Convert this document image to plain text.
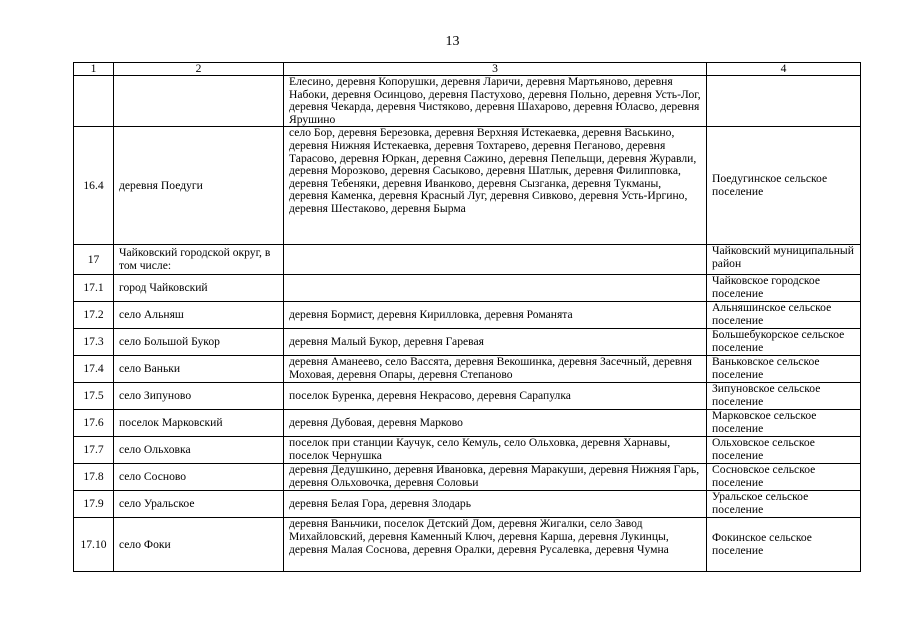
13
1	2	3	4
		Елесино, деревня Копорушки, деревня Ларичи, деревня Мартьяново, деревня Набоки, деревня Осинцово, деревня Пастухово, деревня Польно, деревня Усть-Лог, деревня Чекарда, деревня Чистяково, деревня Шахарово, деревня Юласво, деревня Ярушино	
16.4	деревня Поедуги	село Бор, деревня Березовка, деревня Верхняя Истекаевка, деревня Васькино, деревня Нижняя Истекаевка, деревня Тохтарево, деревня Пеганово, деревня Тарасово, деревня Юркан, деревня Сажино, деревня Пепельщи, деревня Журавли, деревня Морозково, деревня Сасыково, деревня Шатлык, деревня Филипповка, деревня Тебеняки, деревня Иванково, деревня Сызганка, деревня Тукманы, деревня Каменка, деревня Красный Луг, деревня Сивково, деревня Усть-Иргино, деревня Шестаково, деревня Бырма	Поедугинское сельское поселение
17	Чайковский городской округ, в том числе:		Чайковский муниципальный район
17.1	город Чайковский		Чайковское городское поселение
17.2	село Альняш	деревня Бормист, деревня Кирилловка, деревня Романята	Альняшинское сельское поселение
17.3	село Большой Букор	деревня Малый Букор, деревня Гаревая	Большебукорское сельское поселение
17.4	село Ваньки	деревня Аманеево, село Вассята, деревня Векошинка, деревня Засечный, деревня Моховая, деревня Опары, деревня Степаново	Ваньковское сельское поселение
17.5	село Зипуново	поселок Буренка, деревня Некрасово, деревня Сарапулка	Зипуновское сельское поселение
17.6	поселок Марковский	деревня Дубовая, деревня Марково	Марковское сельское поселение
17.7	село Ольховка	поселок при станции Каучук, село Кемуль, село Ольховка, деревня Харнавы, поселок Чернушка	Ольховское сельское поселение
17.8	село Сосново	деревня Дедушкино, деревня Ивановка, деревня Маракуши, деревня Нижняя Гарь, деревня Ольховочка, деревня Соловьи	Сосновское сельское поселение
17.9	село Уральское	деревня Белая Гора, деревня Злодарь	Уральское сельское поселение
17.10	село Фоки	деревня Ваньчики, поселок Детский Дом, деревня Жигалки, село Завод Михайловский, деревня Каменный Ключ, деревня Карша, деревня Лукинцы, деревня Малая Соснова, деревня Оралки, деревня Русалевка, деревня Чумна	Фокинское сельское поселение
